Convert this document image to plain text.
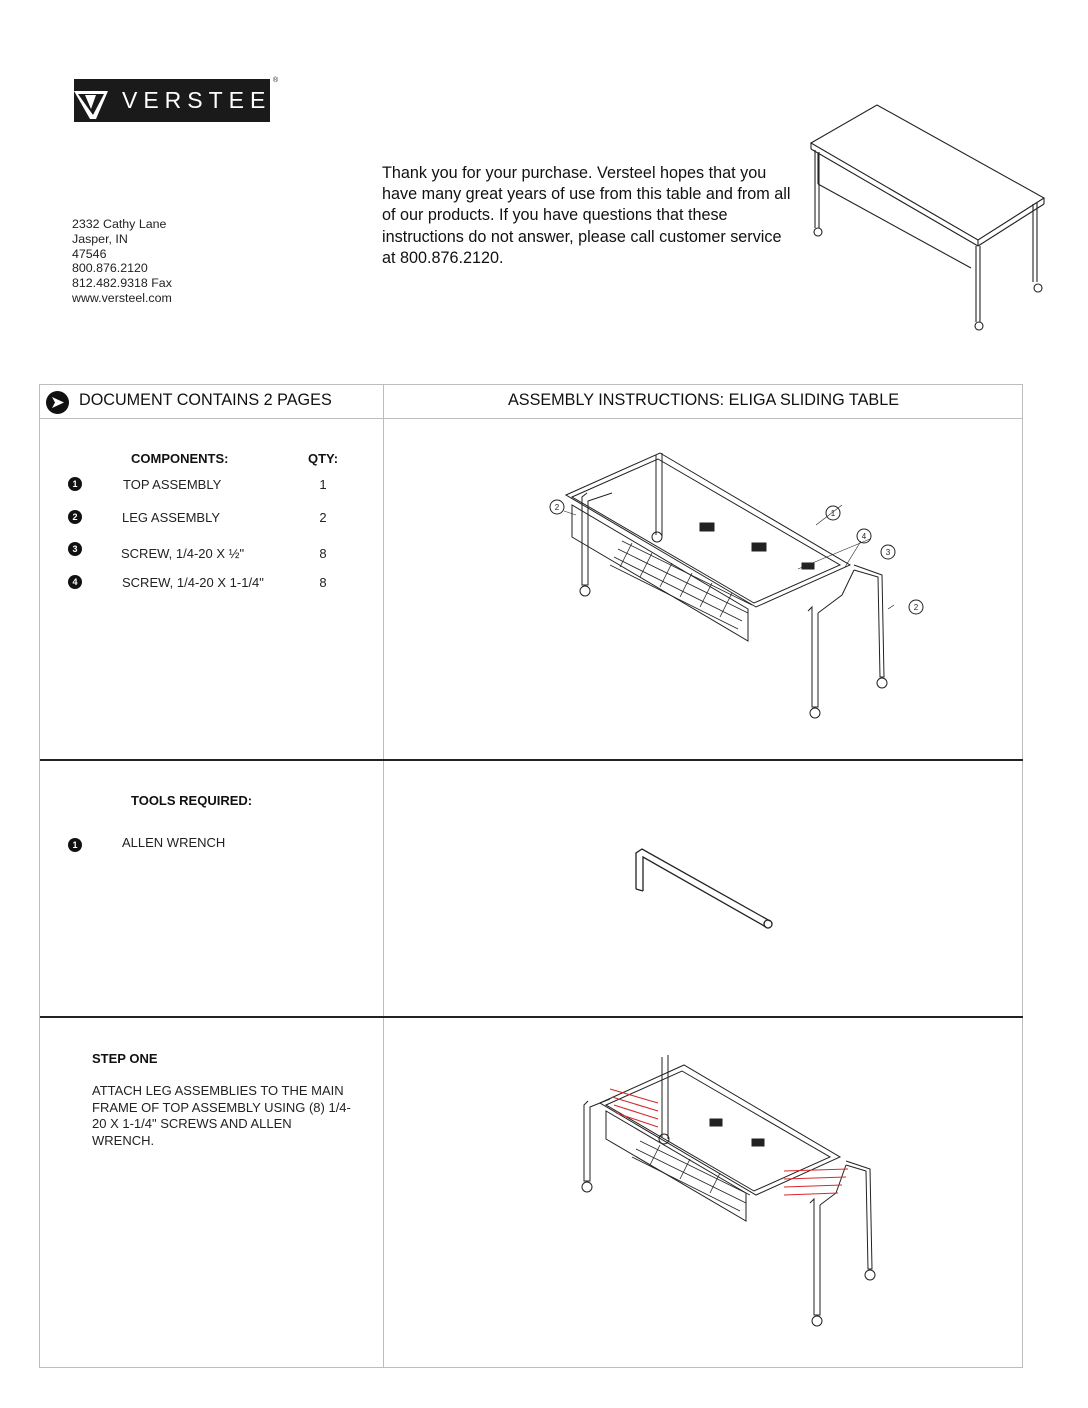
VERSTEEL
®
2332 Cathy Lane
Jasper, IN
47546
800.876.2120
812.482.9318 Fax
www.versteel.com
Thank you for your purchase. Versteel hopes that you have many great years of use from this table and from all of our products. If you have questions that these instructions do not answer, please call customer service at 800.876.2120.
DOCUMENT CONTAINS 2 PAGES	ASSEMBLY INSTRUCTIONS: ELIGA SLIDING TABLE
COMPONENTS:	QTY:
1	TOP ASSEMBLY	1
2	LEG ASSEMBLY	2
3	SCREW, 1/4-20 X ½"	8
4	SCREW, 1/4-20 X 1-1/4"	8
1
4
3
2
2
TOOLS REQUIRED:
1	ALLEN WRENCH
STEP ONE
ATTACH LEG ASSEMBLIES TO THE MAIN FRAME OF TOP ASSEMBLY USING (8) 1/4-20 X 1-1/4" SCREWS AND ALLEN WRENCH.
